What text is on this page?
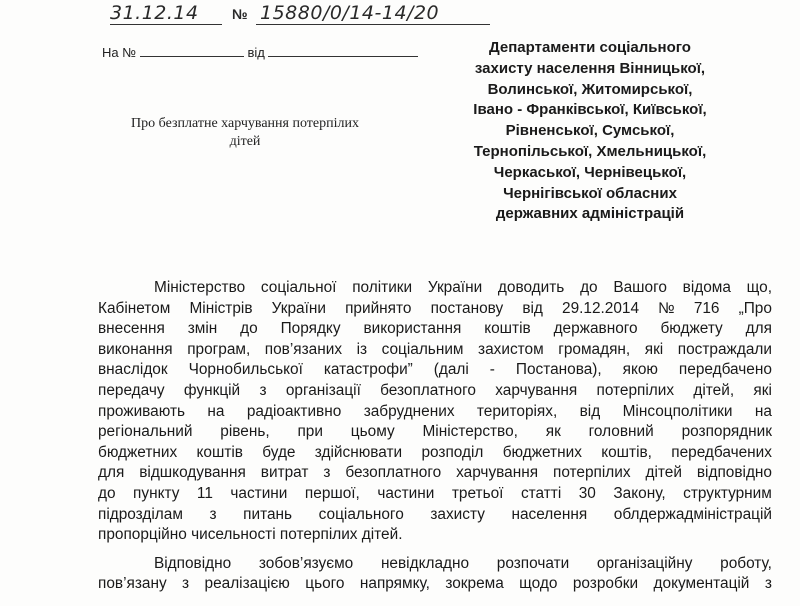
31.12.14 № 15880/0/14-14/20
На №	від
Про безплатне харчування потерпілих
дітей
Департаменти соціального
захисту населення Вінницької,
Волинської, Житомирської,
Івано - Франківської, Київської,
Рівненської, Сумської,
Тернопільської, Хмельницької,
Черкаської, Чернівецької,
Чернігівської обласних
державних адміністрацій
Міністерство соціальної політики України доводить до Вашого відома що,
Кабінетом Міністрів України прийнято постанову від 29.12.2014 № 716 „Про
внесення змін до Порядку використання коштів державного бюджету для
виконання програм, пов’язаних із соціальним захистом громадян, які постраждали
внаслідок Чорнобильської катастрофи” (далі - Постанова), якою передбачено
передачу функцій з організації безоплатного харчування потерпілих дітей, які
проживають на радіоактивно забруднених територіях, від Мінсоцполітики на
регіональний рівень, при цьому Міністерство, як головний розпорядник
бюджетних коштів буде здійснювати розподіл бюджетних коштів, передбачених
для відшкодування витрат з безоплатного харчування потерпілих дітей відповідно
до пункту 11 частини першої, частини третьої статті 30 Закону, структурним
підрозділам з питань соціального захисту населення облдержадміністрацій
пропорційно чисельності потерпілих дітей.
Відповідно зобов’язуємо невідкладно розпочати організаційну роботу,
пов’язану з реалізацією цього напрямку, зокрема щодо розробки документацій з
